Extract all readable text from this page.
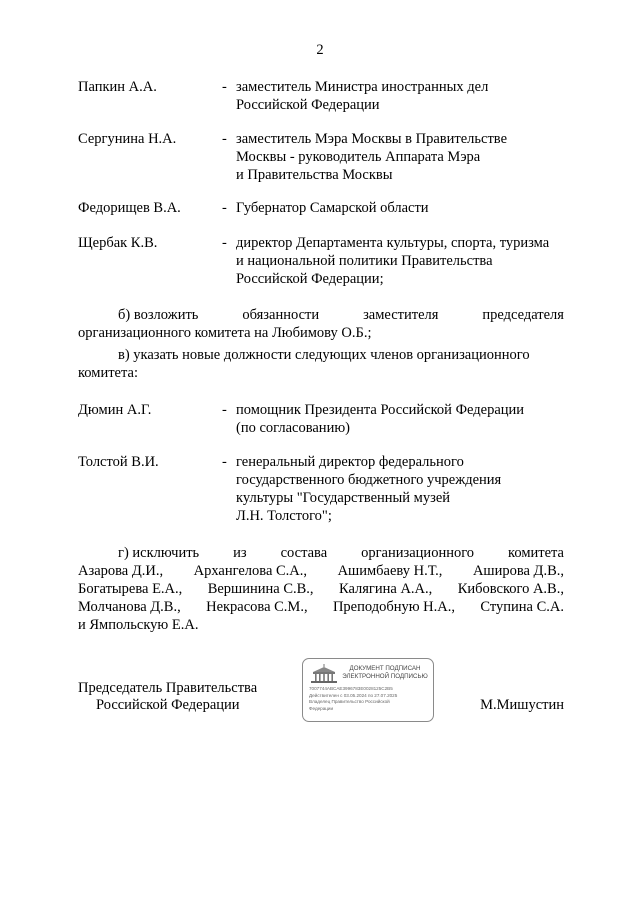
2
Папкин А.А.	- заместитель Министра иностранных дел
Российской Федерации
Сергунина Н.А.	- заместитель Мэра Москвы в Правительстве
Москвы - руководитель Аппарата Мэра
и Правительства Москвы
Федорищев В.А.	- Губернатор Самарской области
Щербак К.В.	- директор Департамента культуры, спорта, туризма
и национальной политики Правительства
Российской Федерации;
б) возложить	обязанности	заместителя	председателя
организационного комитета на Любимову О.Б.;
в) указать новые должности следующих членов организационного
комитета:
Дюмин А.Г.	- помощник Президента Российской Федерации
(по согласованию)
Толстой В.И.	- генеральный директор федерального
государственного бюджетного учреждения
культуры "Государственный музей
Л.Н. Толстого";
г) исключить из состава организационного комитета
Азарова Д.И., Архангелова С.А., Ашимбаеву Н.Т., Аширова Д.В.,
Богатырева Е.А., Вершинина С.В., Калягина А.А., Кибовского А.В.,
Молчанова Д.В., Некрасова С.М., Преподобную Н.А., Ступина С.А.
и Ямпольскую Е.А.
Председатель Правительства
Российской Федерации
ДОКУМЕНТ ПОДПИСАН
ЭЛЕКТРОННОЙ ПОДПИСЬЮ
7007744ABCAE3996783E0028125C2B5
Действителен с 03.05.2024 по 27.07.2025
Владелец Правительство Российской
Федерации	М.Мишустин
